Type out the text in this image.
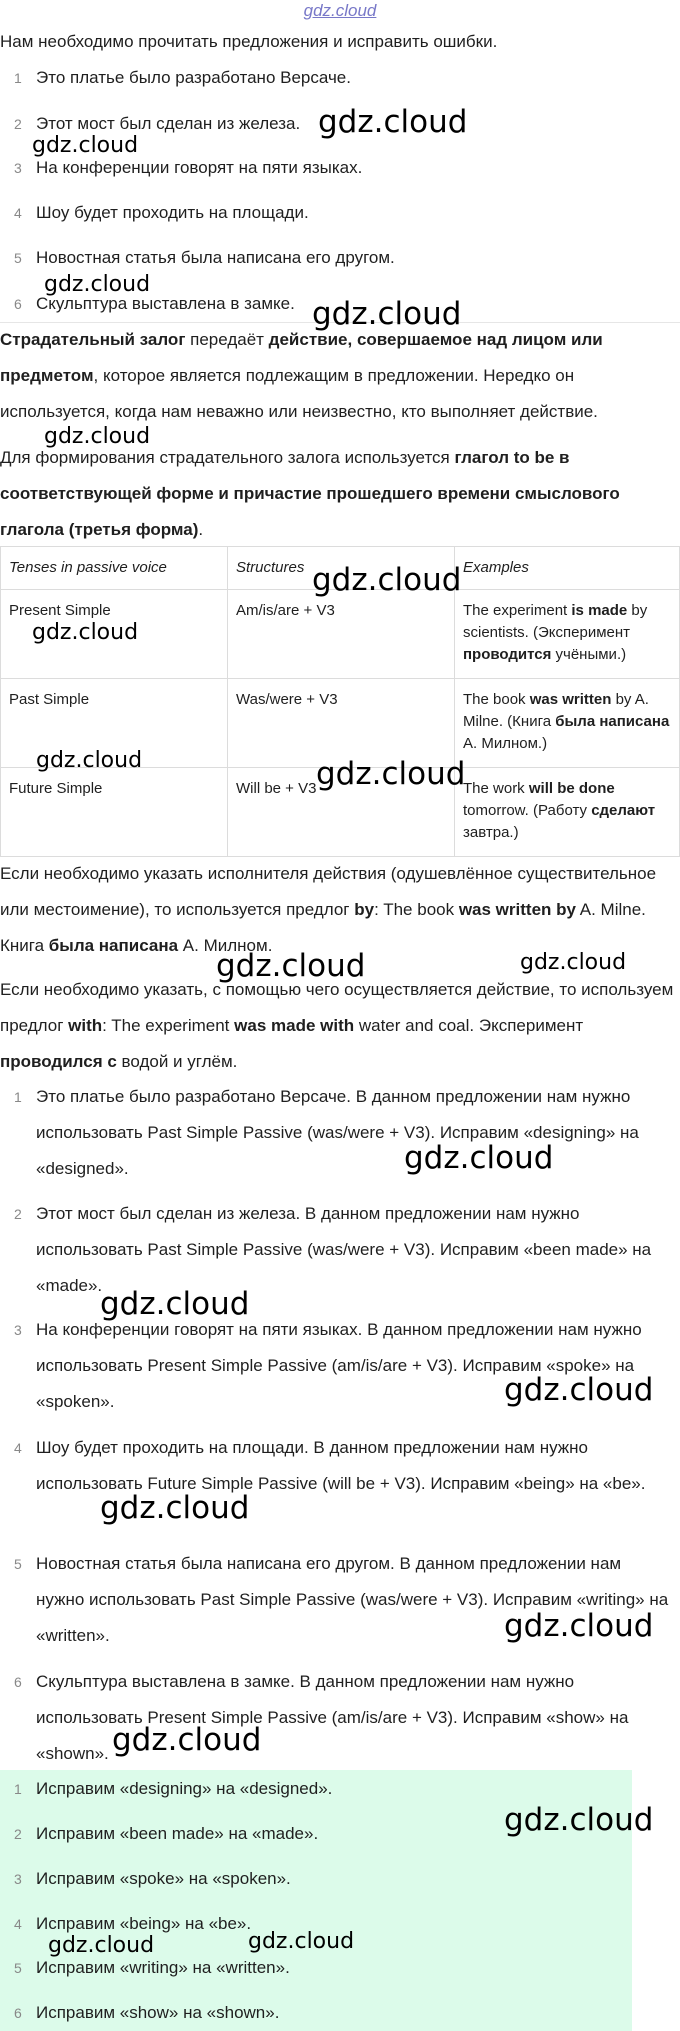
gdz.cloud
Нам необходимо прочитать предложения и исправить ошибки.
1 Это платье было разработано Версаче.
2 Этот мост был сделан из железа.
3 На конференции говорят на пяти языках.
4 Шоу будет проходить на площади.
5 Новостная статья была написана его другом.
6 Скульптура выставлена в замке.
Страдательный залог передаёт действие, совершаемое над лицом или предметом, которое является подлежащим в предложении. Нередко он используется, когда нам неважно или неизвестно, кто выполняет действие.
Для формирования страдательного залога используется глагол to be в соответствующей форме и причастие прошедшего времени смыслового глагола (третья форма).
Tenses in passive voice	Structures	Examples
Present Simple	Am/is/are + V3	The experiment is made by scientists. (Эксперимент проводится учёными.)
Past Simple	Was/were + V3	The book was written by A. Milne. (Книга была написана А. Милном.)
Future Simple	Will be + V3	The work will be done tomorrow. (Работу сделают завтра.)
Если необходимо указать исполнителя действия (одушевлённое существительное или местоимение), то используется предлог by: The book was written by A. Milne. Книга была написана А. Милном.
Если необходимо указать, с помощью чего осуществляется действие, то используем предлог with: The experiment was made with water and coal. Эксперимент проводился с водой и углём.
1 Это платье было разработано Версаче. В данном предложении нам нужно использовать Past Simple Passive (was/were + V3). Исправим «designing» на «designed».
2 Этот мост был сделан из железа. В данном предложении нам нужно использовать Past Simple Passive (was/were + V3). Исправим «been made» на «made».
3 На конференции говорят на пяти языках. В данном предложении нам нужно использовать Present Simple Passive (am/is/are + V3). Исправим «spoke» на «spoken».
4 Шоу будет проходить на площади. В данном предложении нам нужно использовать Future Simple Passive (will be + V3). Исправим «being» на «be».
5 Новостная статья была написана его другом. В данном предложении нам нужно использовать Past Simple Passive (was/were + V3). Исправим «writing» на «written».
6 Скульптура выставлена в замке. В данном предложении нам нужно использовать Present Simple Passive (am/is/are + V3). Исправим «show» на «shown».
1 Исправим «designing» на «designed».
2 Исправим «been made» на «made».
3 Исправим «spoke» на «spoken».
4 Исправим «being» на «be».
5 Исправим «writing» на «written».
6 Исправим «show» на «shown».
gdz.cloud
gdz.cloud
gdz.cloud
gdz.cloud
gdz.cloud
gdz.cloud
gdz.cloud
gdz.cloud	gdz.cloud
gdz.cloud	gdz.cloud
gdz.cloud
gdz.cloud
gdz.cloud
gdz.cloud
gdz.cloud
gdz.cloud
gdz.cloud
gdz.cloud	gdz.cloud
